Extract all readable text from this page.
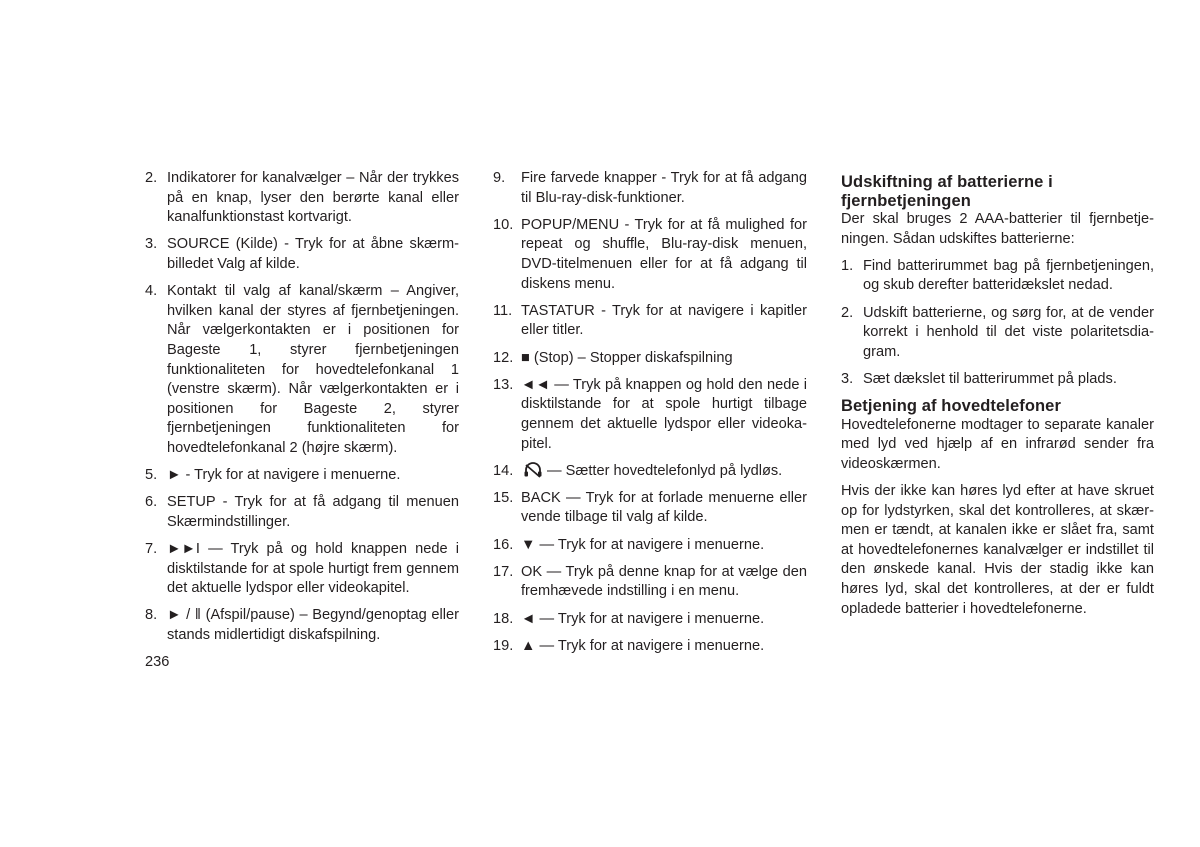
2. Indikatorer for kanalvælger – Når der trykkes på en knap, lyser den berørte kanal eller kanalfunktionstast kortvarigt.
3. SOURCE (Kilde) - Tryk for at åbne skærmbilledet Valg af kilde.
4. Kontakt til valg af kanal/skærm – Angiver, hvilken kanal der styres af fjernbetjeningen. Når vælgerkontakten er i positionen for Bageste 1, styrer fjernbetjeningen funktionaliteten for hovedtelefonkanal 1 (venstre skærm). Når vælgerkontakten er i positionen for Bageste 2, styrer fjernbetjeningen funktionaliteten for hovedtelefonkanal 2 (højre skærm).
5. ► - Tryk for at navigere i menuerne.
6. SETUP - Tryk for at få adgang til menuen Skærmindstillinger.
7. ►►I — Tryk på og hold knappen nede i disktilstande for at spole hurtigt frem gennem det aktuelle lydspor eller videokapitel.
8. ► / ‖ (Afspil/pause) – Begynd/genoptag eller stands midlertidigt diskafspilning.
9.	Fire farvede knapper - Tryk for at få adgang til Blu-ray-disk-funktioner.
10. POPUP/MENU - Tryk for at få mulighed for repeat og shuffle, Blu-ray-disk menuen, DVD-titelmenuen eller for at få adgang til diskens menu.
11. TASTATUR - Tryk for at navigere i kapitler eller titler.
12. ■ (Stop) – Stopper diskafspilning
13. ◄◄ — Tryk på knappen og hold den nede i disktilstande for at spole hurtigt tilbage gennem det aktuelle lydspor eller videokapitel.
14.	— Sætter hovedtelefonlyd på lydløs.
15. BACK — Tryk for at forlade menuerne eller vende tilbage til valg af kilde.
16. ▼ — Tryk for at navigere i menuerne.
17. OK — Tryk på denne knap for at vælge den fremhævede indstilling i en menu.
18. ◄ — Tryk for at navigere i menuerne.
19. ▲ — Tryk for at navigere i menuerne.
Udskiftning af batterierne i fjernbetjeningen

Der skal bruges 2 AAA-batterier til fjernbetjeningen. Sådan udskiftes batterierne:

1. Find batterirummet bag på fjernbetjeningen, og skub derefter batteridækslet nedad.
2. Udskift batterierne, og sørg for, at de vender korrekt i henhold til det viste polaritetsdiagram.
3. Sæt dækslet til batterirummet på plads.
Betjening af hovedtelefoner

Hovedtelefonerne modtager to separate kanaler med lyd ved hjælp af en infrarød sender fra videoskærmen.

Hvis der ikke kan høres lyd efter at have skruet op for lydstyrken, skal det kontrolleres, at skærmen er tændt, at kanalen ikke er slået fra, samt at hovedtelefonernes kanalvælger er indstillet til den ønskede kanal. Hvis der stadig ikke kan høres lyd, skal det kontrolleres, at der er fuldt opladede batterier i hovedtelefonerne.

236
